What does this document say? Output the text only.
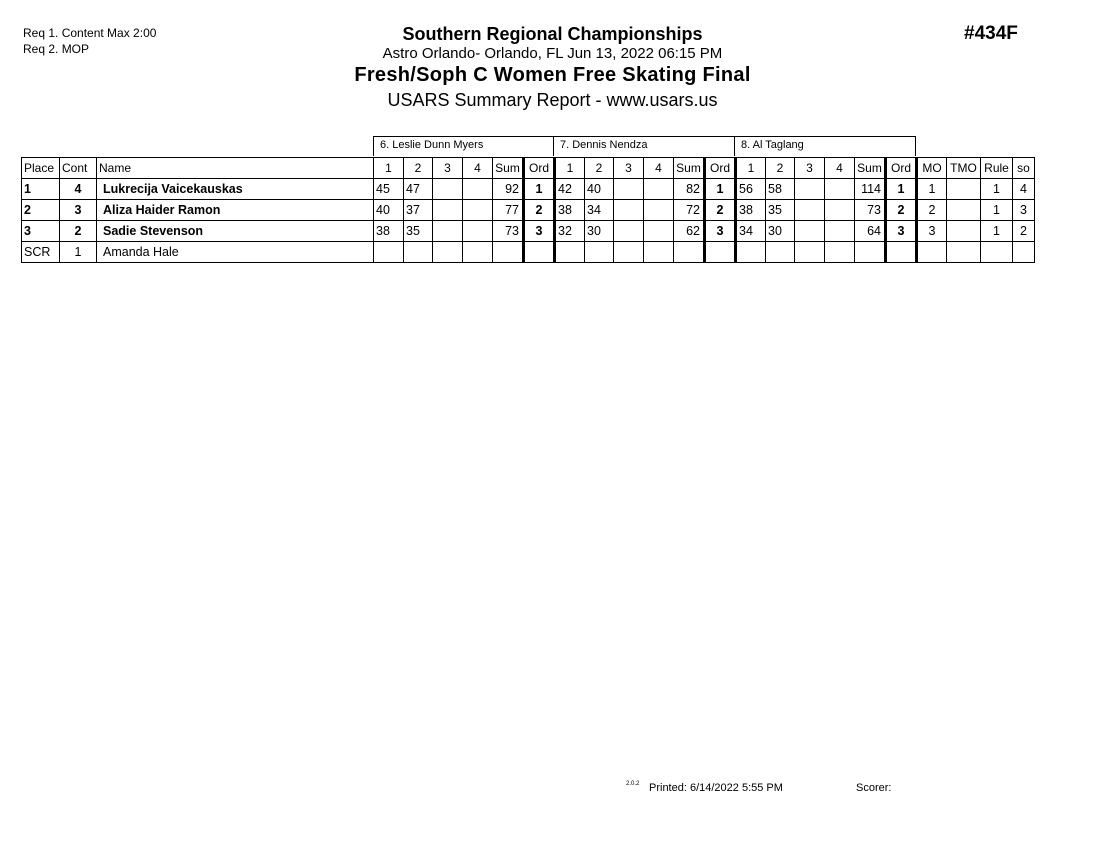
Req 1. Content Max 2:00
Req 2. MOP
#434F
Southern Regional Championships
Astro Orlando- Orlando, FL Jun 13, 2022 06:15 PM
Fresh/Soph C Women Free Skating Final
USARS Summary Report - www.usars.us
6. Leslie Dunn Myers	7. Dennis Nendza	8. Al Taglang
Place	Cont	Name	1	2	3	4	Sum	Ord	1	2	3	4	Sum	Ord	1	2	3	4	Sum	Ord	MO	TMO	Rule	so
1	4	Lukrecija Vaicekauskas	45	47			92	1	42	40			82	1	56	58			114	1	1		1	4
2	3	Aliza Haider Ramon	40	37			77	2	38	34			72	2	38	35			73	2	2		1	3
3	2	Sadie Stevenson	38	35			73	3	32	30			62	3	34	30			64	3	3		1	2
SCR	1	Amanda Hale																						
2.0.2 Printed: 6/14/2022 5:55 PM	Scorer:
